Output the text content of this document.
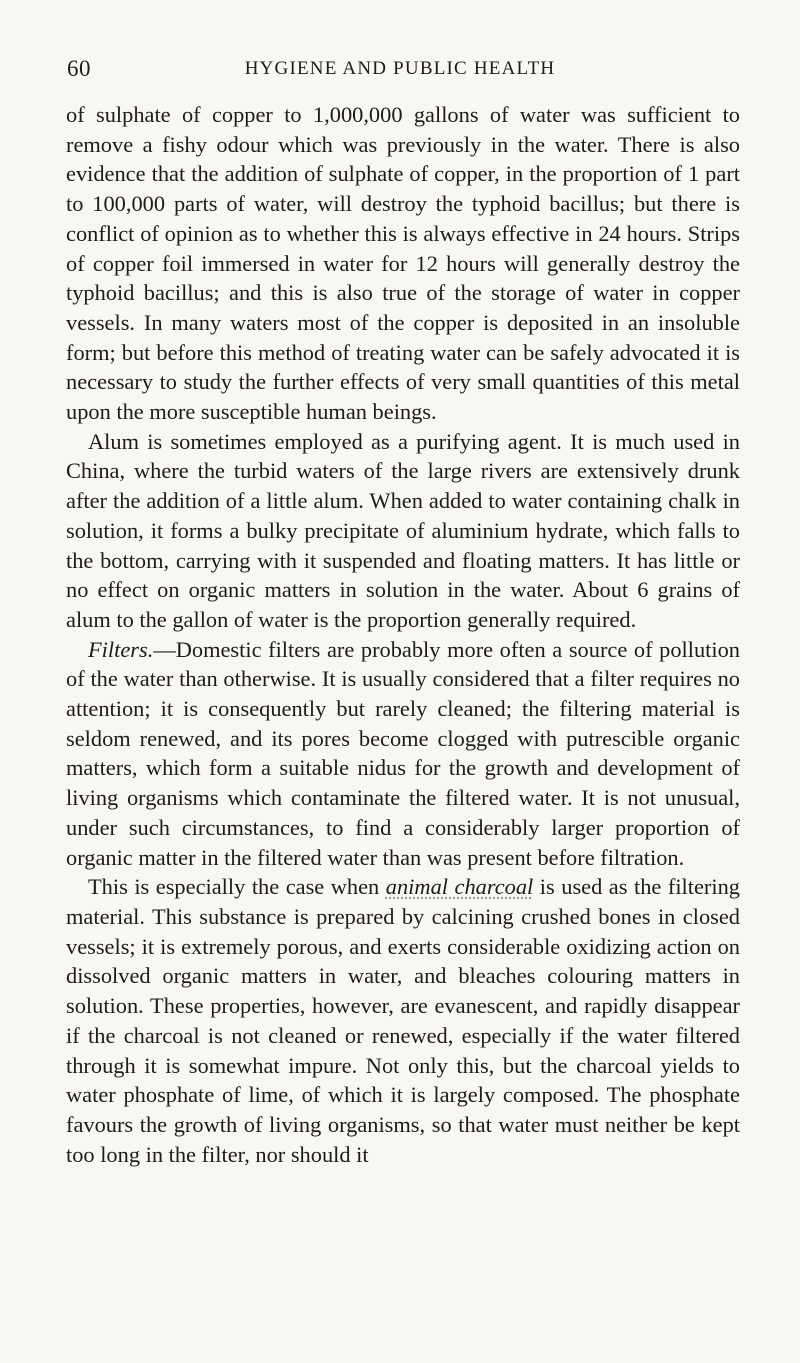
60	HYGIENE AND PUBLIC HEALTH

of sulphate of copper to 1,000,000 gallons of water was sufficient to remove a fishy odour which was previously in the water. There is also evidence that the addition of sulphate of copper, in the proportion of 1 part to 100,000 parts of water, will destroy the typhoid bacillus; but there is conflict of opinion as to whether this is always effective in 24 hours. Strips of copper foil immersed in water for 12 hours will generally destroy the typhoid bacillus; and this is also true of the storage of water in copper vessels. In many waters most of the copper is deposited in an insoluble form; but before this method of treating water can be safely advocated it is necessary to study the further effects of very small quantities of this metal upon the more susceptible human beings.

Alum is sometimes employed as a purifying agent. It is much used in China, where the turbid waters of the large rivers are extensively drunk after the addition of a little alum. When added to water containing chalk in solution, it forms a bulky precipitate of aluminium hydrate, which falls to the bottom, carrying with it suspended and floating matters. It has little or no effect on organic matters in solution in the water. About 6 grains of alum to the gallon of water is the proportion generally required.

Filters.—Domestic filters are probably more often a source of pollution of the water than otherwise. It is usually considered that a filter requires no attention; it is consequently but rarely cleaned; the filtering material is seldom renewed, and its pores become clogged with putrescible organic matters, which form a suitable nidus for the growth and development of living organisms which contaminate the filtered water. It is not unusual, under such circumstances, to find a considerably larger proportion of organic matter in the filtered water than was present before filtration.

This is especially the case when animal charcoal is used as the filtering material. This substance is prepared by calcining crushed bones in closed vessels; it is extremely porous, and exerts considerable oxidizing action on dissolved organic matters in water, and bleaches colouring matters in solution. These properties, however, are evanescent, and rapidly disappear if the charcoal is not cleaned or renewed, especially if the water filtered through it is somewhat impure. Not only this, but the charcoal yields to water phosphate of lime, of which it is largely composed. The phosphate favours the growth of living organisms, so that water must neither be kept too long in the filter, nor should it
